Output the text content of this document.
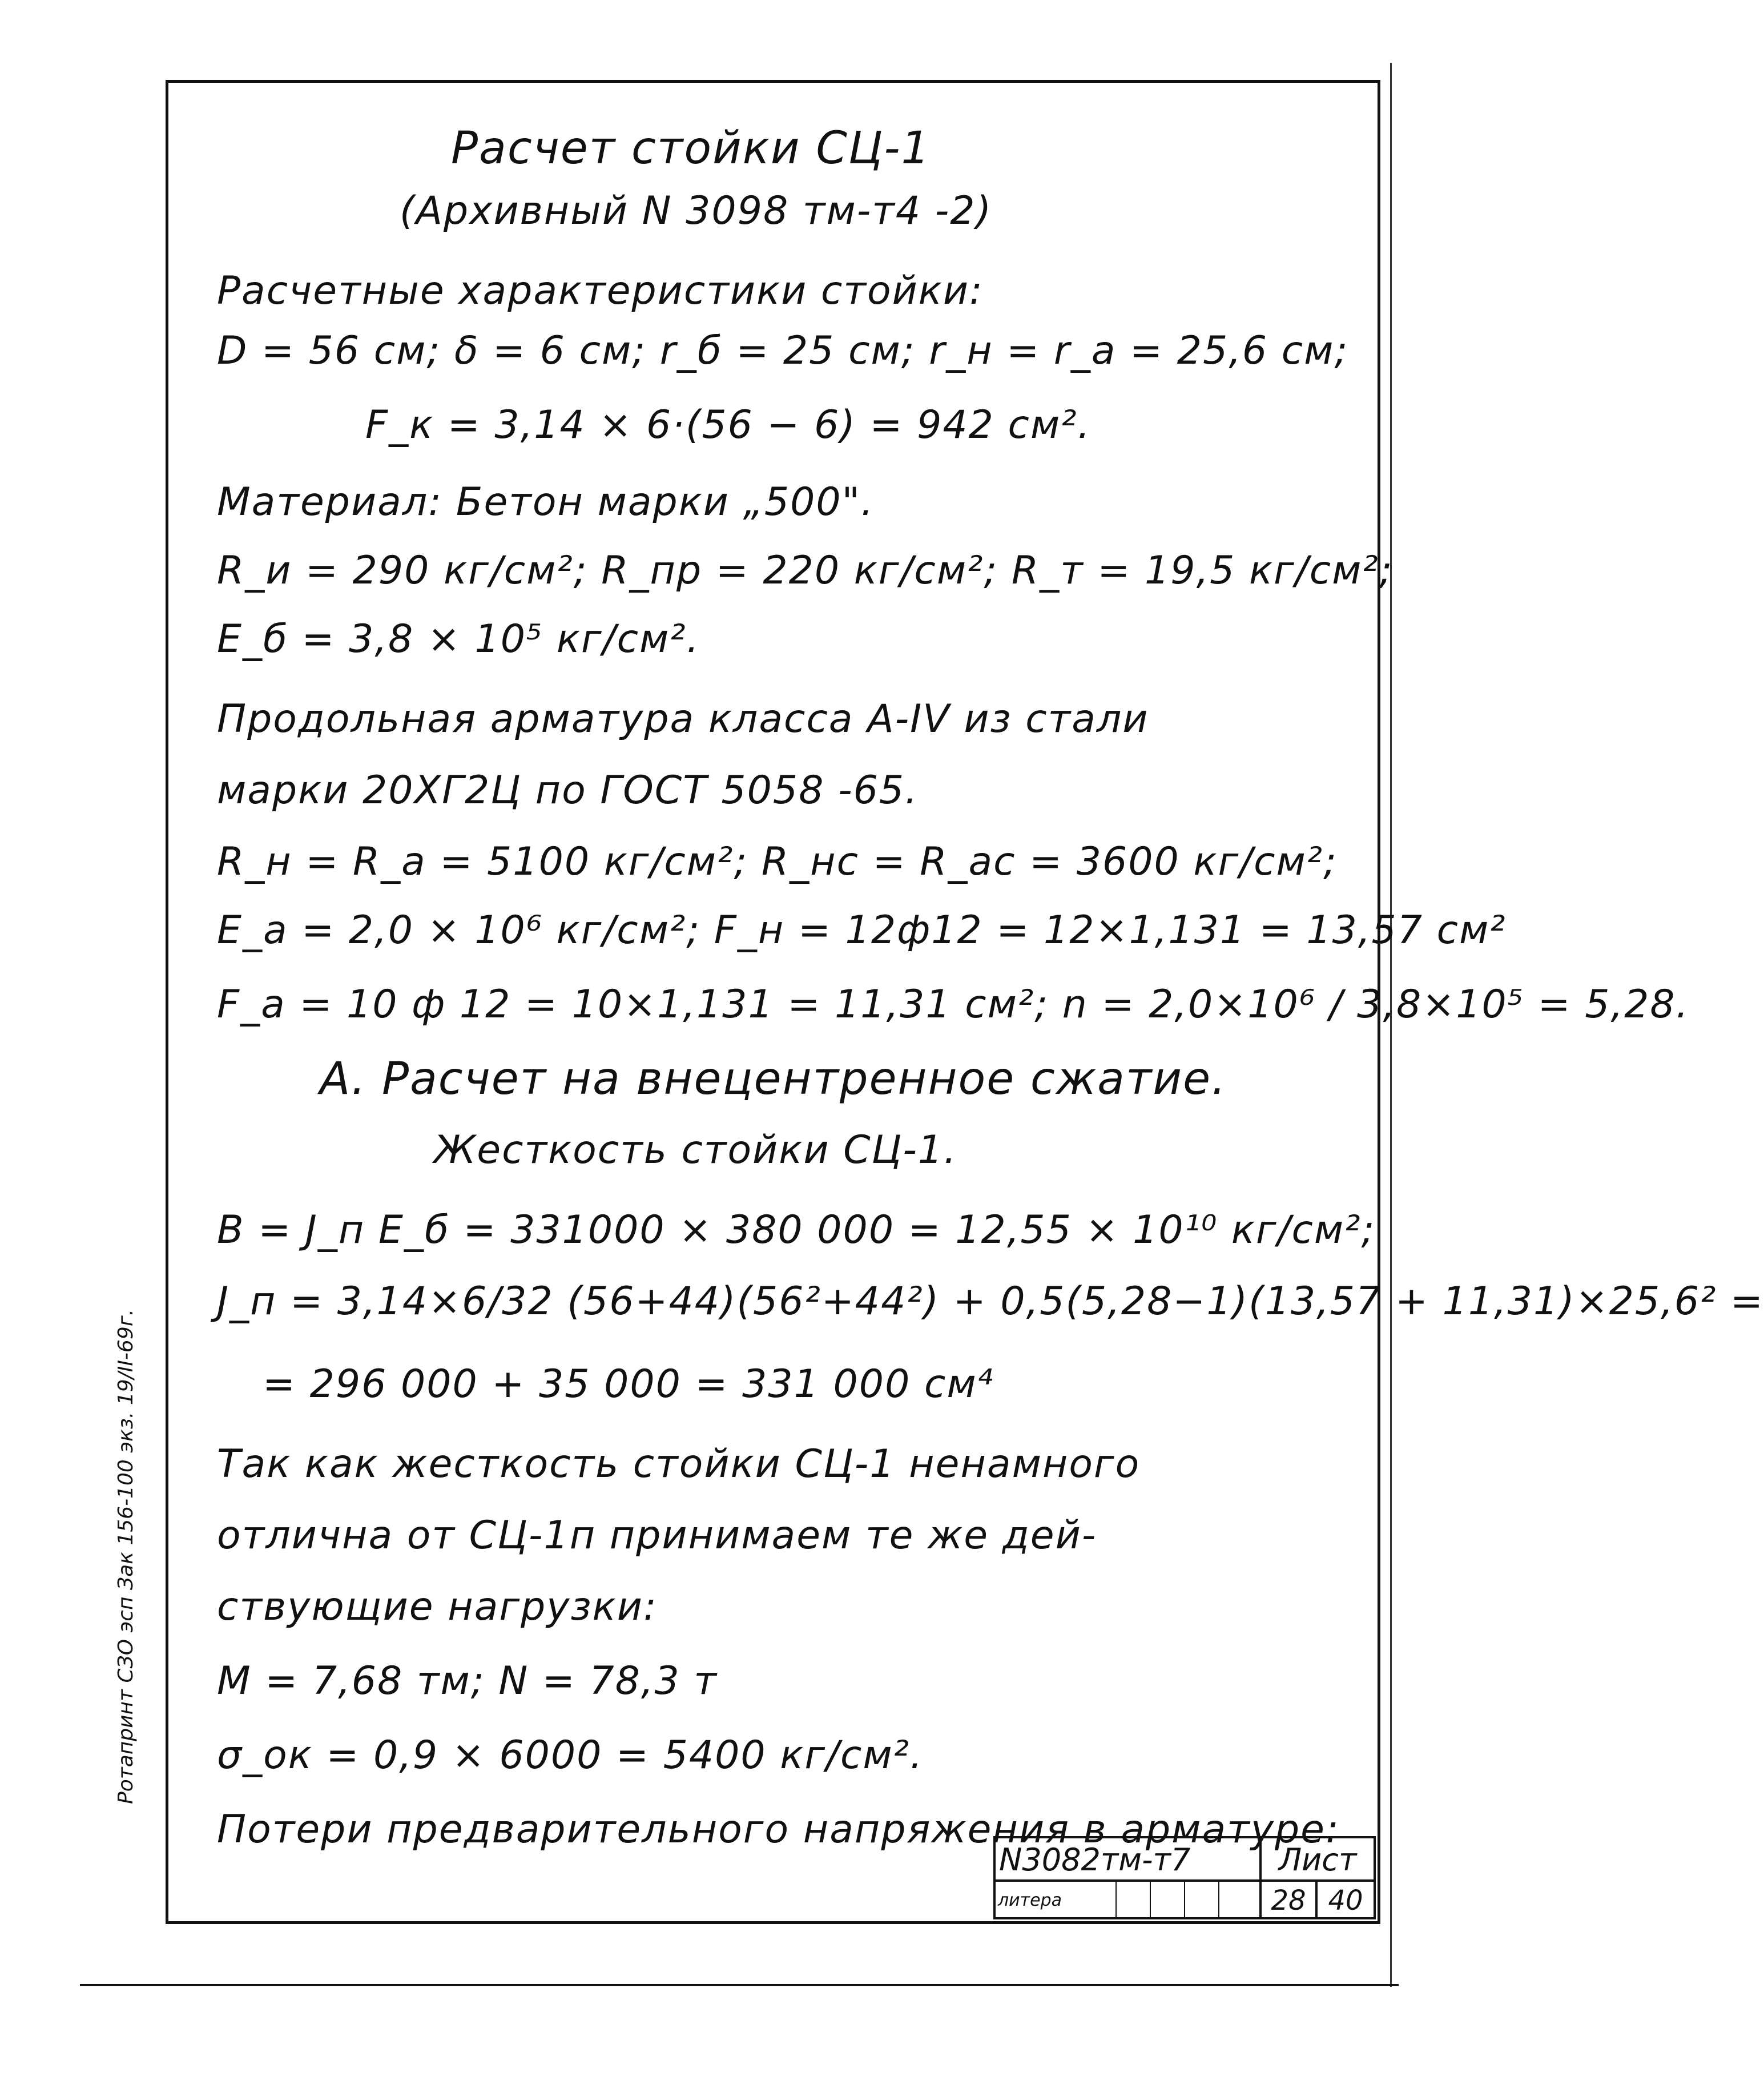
Расчет стойки СЦ-1
(Архивный N 3098 тм-т4 -2)
Расчетные характеристики стойки:
D = 56 см; δ = 6 см; r_б = 25 см; r_н = r_а = 25,6 см;
F_к = 3,14 × 6·(56 − 6) = 942 см².
Материал: Бетон марки „500".
R_и = 290 кг/см²; R_пр = 220 кг/см²; R_т = 19,5 кг/см²;
E_б = 3,8 × 10⁵ кг/см².
Продольная арматура класса А-IV из стали
марки 20ХГ2Ц по ГОСТ 5058 -65.
R_н = R_а = 5100 кг/см²; R_нс = R_ас = 3600 кг/см²;
E_а = 2,0 × 10⁶ кг/см²; F_н = 12ф12 = 12×1,131 = 13,57 см²
F_а = 10 ф 12 = 10×1,131 = 11,31 см²; n = 2,0×10⁶ / 3,8×10⁵ = 5,28.
А. Расчет на внецентренное сжатие.
Жесткость стойки СЦ-1.
B = J_п E_б = 331000 × 380 000 = 12,55 × 10¹⁰ кг/см²;
J_п = 3,14×6/32 (56+44)(56²+44²) + 0,5(5,28−1)(13,57 + 11,31)×25,6² =
= 296 000 + 35 000 = 331 000 см⁴
Так как жесткость стойки СЦ-1 ненамного
отлична от СЦ-1п принимаем те же дей-
ствующие нагрузки:
M = 7,68 тм; N = 78,3 т
σ_ок = 0,9 × 6000 = 5400 кг/см².
Потери предварительного напряжения в арматуре:
Ротапринт СЗО эсп Зак 156-100 экз. 19/II-69г.
N3082тм-т7	Лист
литера	28 40
